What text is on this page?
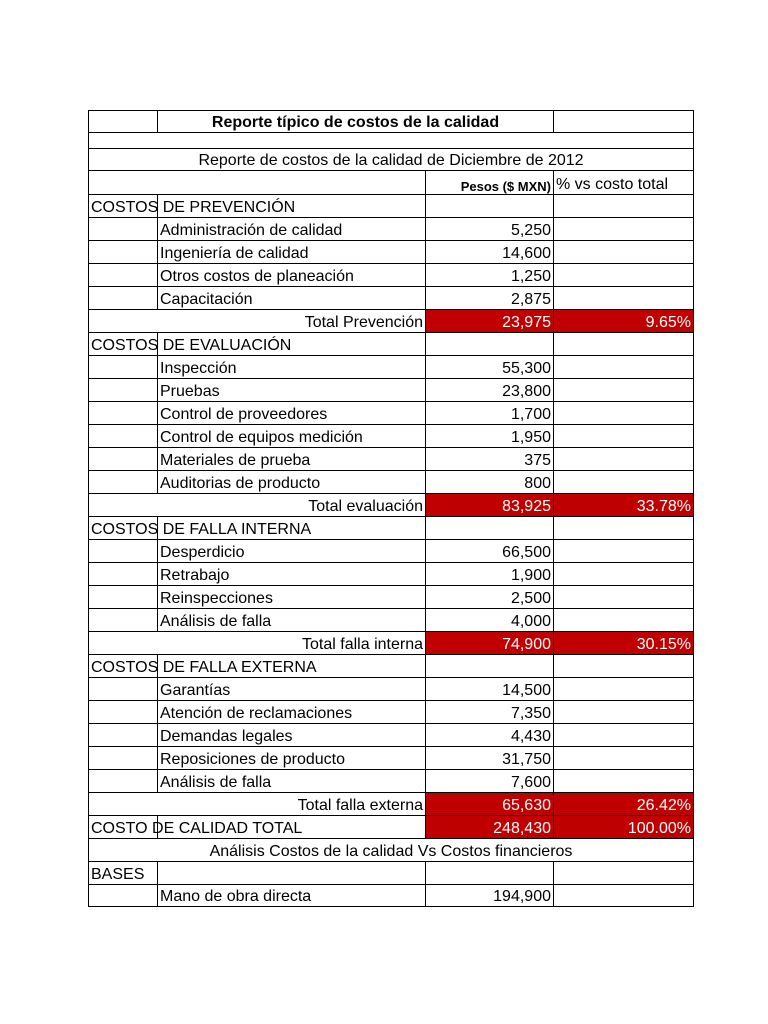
Reporte típico de costos de la calidad
Reporte de costos de la calidad de Diciembre de 2012
Pesos ($ MXN) % vs costo total
COSTOS DE PREVENCIÓN
Administración de calidad	5,250
Ingeniería de calidad	14,600
Otros costos de planeación	1,250
Capacitación	2,875
Total Prevención	23,975	9.65%
COSTOS DE EVALUACIÓN
Inspección	55,300
Pruebas	23,800
Control de proveedores	1,700
Control de equipos medición	1,950
Materiales de prueba	375
Auditorias de producto	800
Total evaluación	83,925	33.78%
COSTOS DE FALLA INTERNA
Desperdicio	66,500
Retrabajo	1,900
Reinspecciones	2,500
Análisis de falla	4,000
Total falla interna	74,900	30.15%
COSTOS DE FALLA EXTERNA
Garantías	14,500
Atención de reclamaciones	7,350
Demandas legales	4,430
Reposiciones de producto	31,750
Análisis de falla	7,600
Total falla externa	65,630	26.42%
COSTO DE CALIDAD TOTAL	248,430	100.00%
Análisis Costos de la calidad Vs Costos financieros
BASES
Mano de obra directa	194,900
